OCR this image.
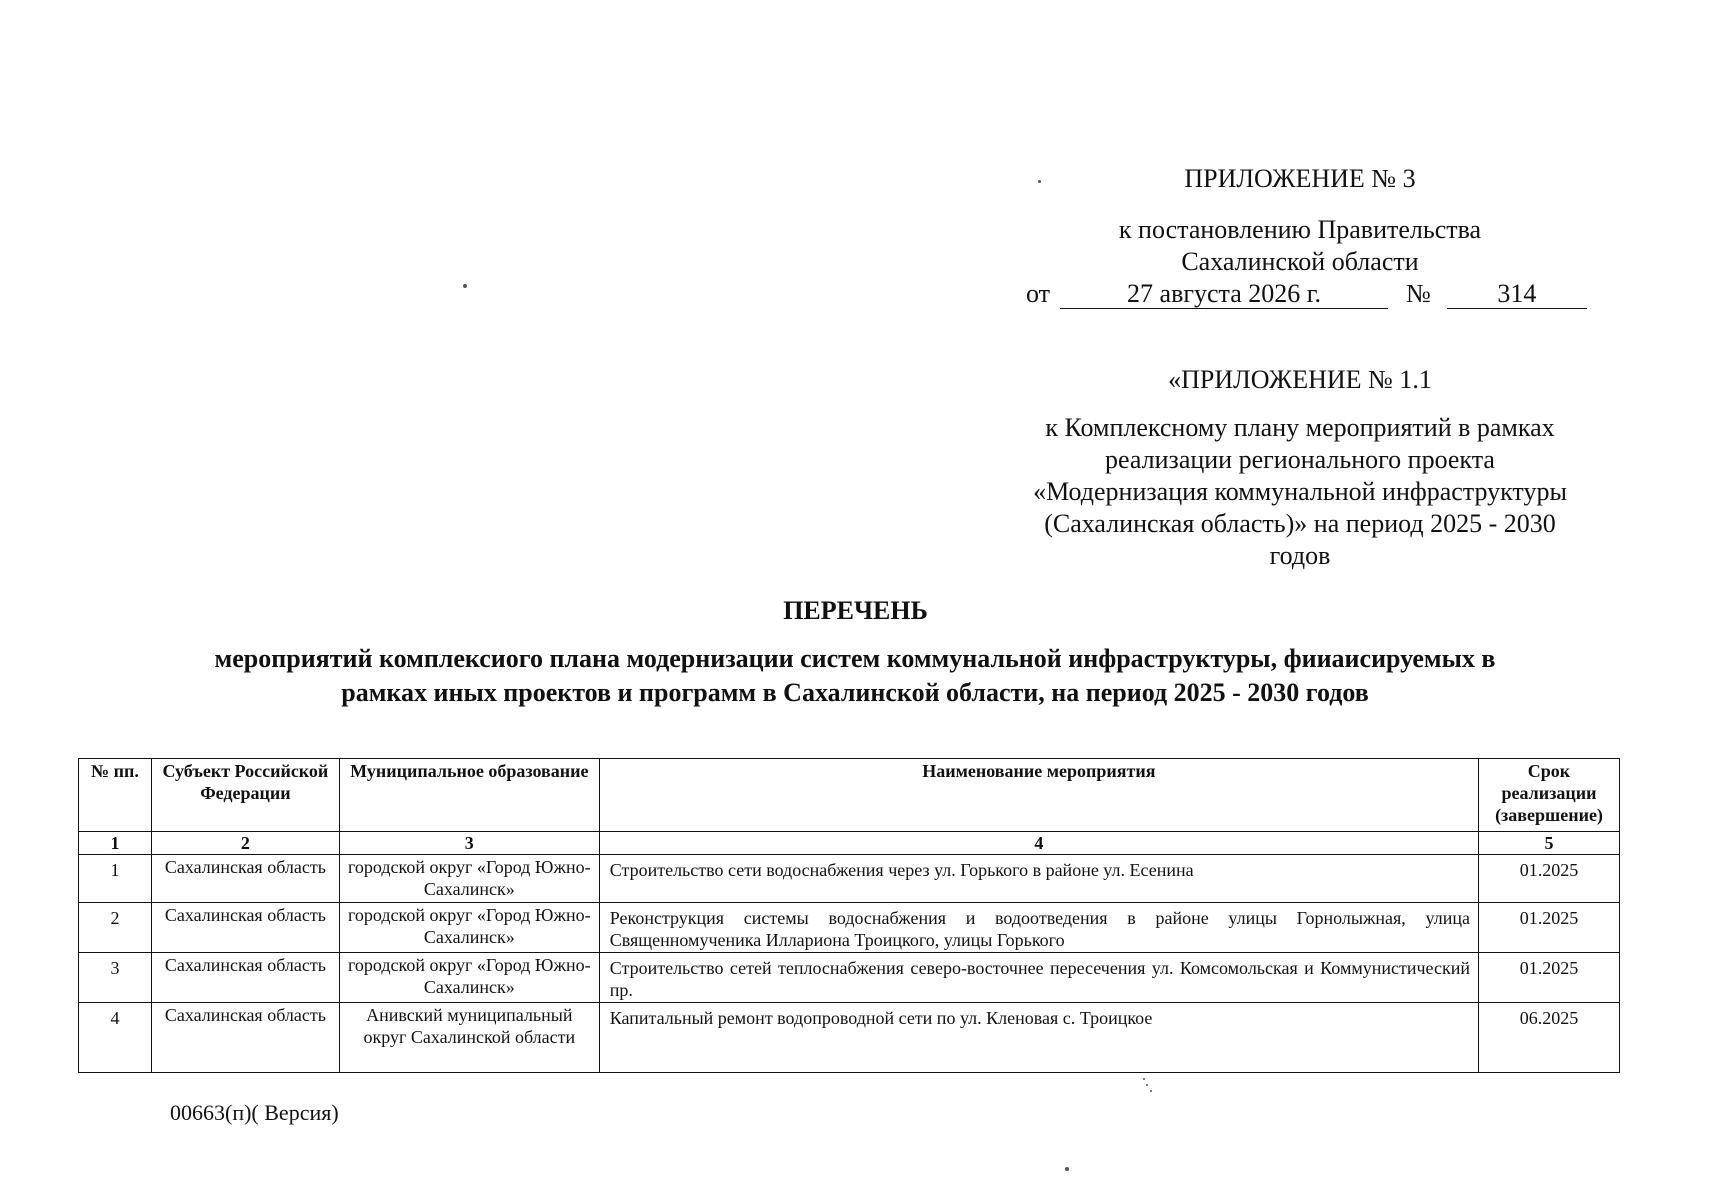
ПРИЛОЖЕНИЕ № 3
к постановлению Правительства
Сахалинской области
от	27 августа 2026 г.	№	314
«ПРИЛОЖЕНИЕ № 1.1
к Комплексному плану мероприятий в рамках
реализации регионального проекта
«Модернизация коммунальной инфраструктуры
(Сахалинская область)» на период 2025 - 2030
годов
ПЕРЕЧЕНЬ
мероприятий комплексиого плана модернизации систем коммунальной инфраструктуры, фииаисируемых в
рамках иных проектов и программ в Сахалинской области, на период 2025 - 2030 годов
№ пп.	Субъект Российской Федерации	Муниципальное образование	Наименование мероприятия	Срок реализации (завершение)
1	2	3	4	5
1	Сахалинская область	городской округ «Город Южно-Сахалинск»	Строительство сети водоснабжения через ул. Горького в районе ул. Есенина	01.2025
2	Сахалинская область	городской округ «Город Южно-Сахалинск»	Реконструкция системы водоснабжения и водоотведения в районе улицы Горнолыжная, улица Священномученика Иллариона Троицкого, улицы Горького	01.2025
3	Сахалинская область	городской округ «Город Южно-Сахалинск»	Строительство сетей теплоснабжения северо-восточнее пересечения ул. Комсомольская и Коммунистический пр.	01.2025
4	Сахалинская область	Анивский муниципальный округ Сахалинской области	Капитальный ремонт водопроводной сети по ул. Кленовая с. Троицкое	06.2025
00663(п)( Версия)
